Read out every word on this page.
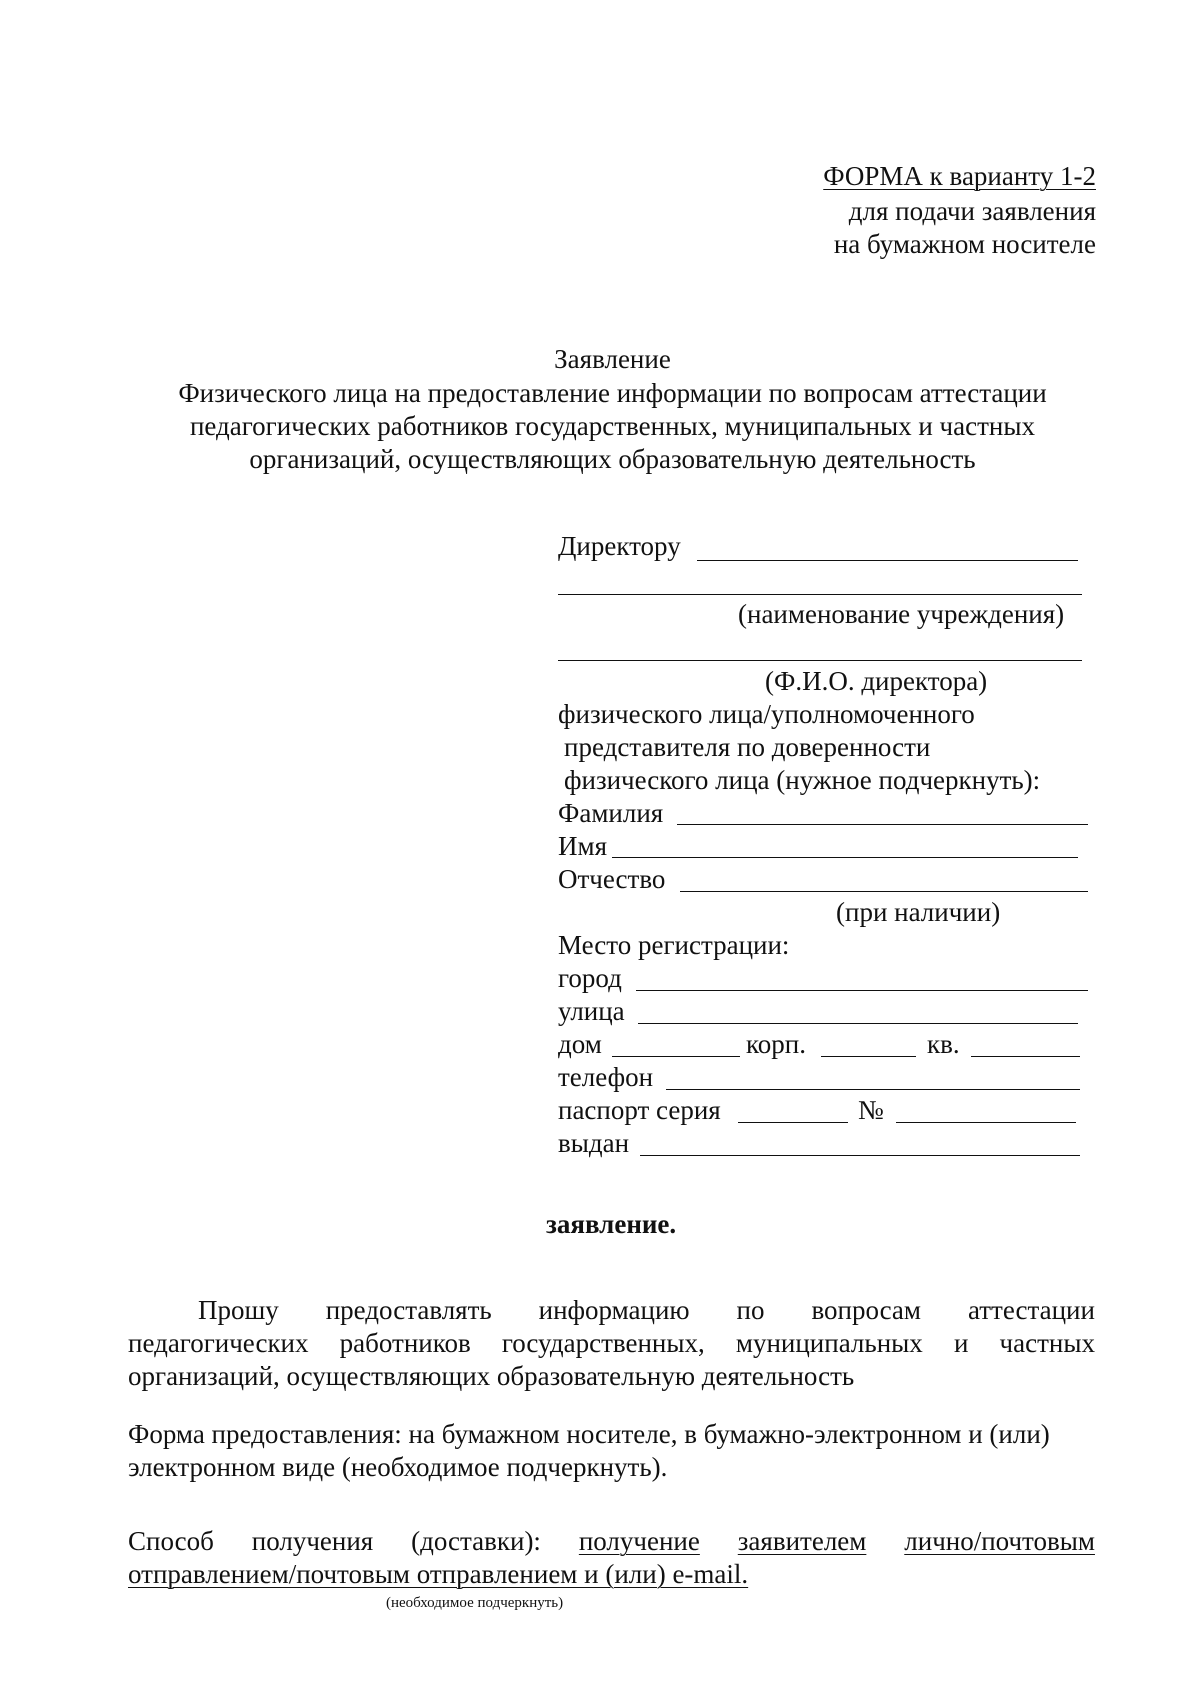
ФОРМА к варианту 1-2
для подачи заявления
на бумажном носителе
Заявление
Физического лица на предоставление информации по вопросам аттестации
педагогических работников государственных, муниципальных и частных
организаций, осуществляющих образовательную деятельность
Директору
(наименование учреждения)
(Ф.И.О. директора)
физического лица/уполномоченного
представителя по доверенности
физического лица (нужное подчеркнуть):
Фамилия
Имя
Отчество
(при наличии)
Место регистрации:
город
улица
дом	корп.	кв.
телефон
паспорт серия	№
выдан
заявление.
Прошу предоставлять информацию по вопросам аттестации
педагогических работников государственных, муниципальных и частных
организаций, осуществляющих образовательную деятельность
Форма предоставления: на бумажном носителе, в бумажно-электронном и (или)
электронном виде (необходимое подчеркнуть).
Способ получения (доставки): получение заявителем лично/почтовым
отправлением/почтовым отправлением и (или) e-mail.
(необходимое подчеркнуть)
